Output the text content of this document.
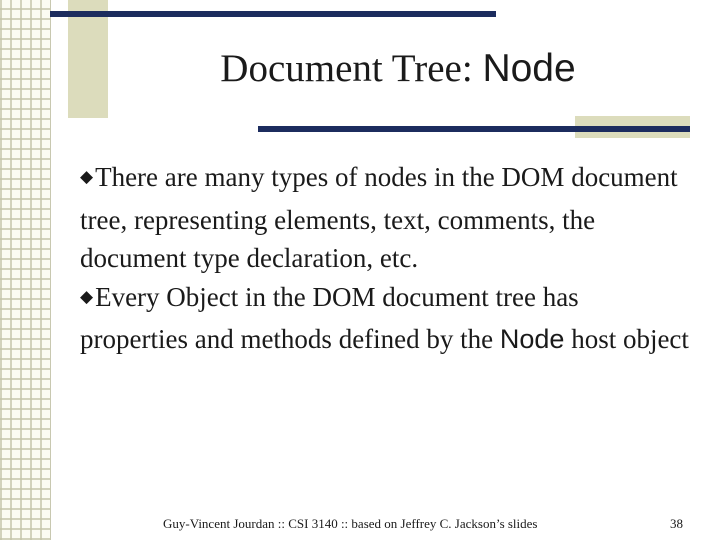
Document Tree: Node

◆There are many types of nodes in the DOM document tree, representing elements, text, comments, the document type declaration, etc.

◆Every Object in the DOM document tree has properties and methods defined by the Node host object

Guy-Vincent Jourdan :: CSI 3140 :: based on Jeffrey C. Jackson’s slides	38
